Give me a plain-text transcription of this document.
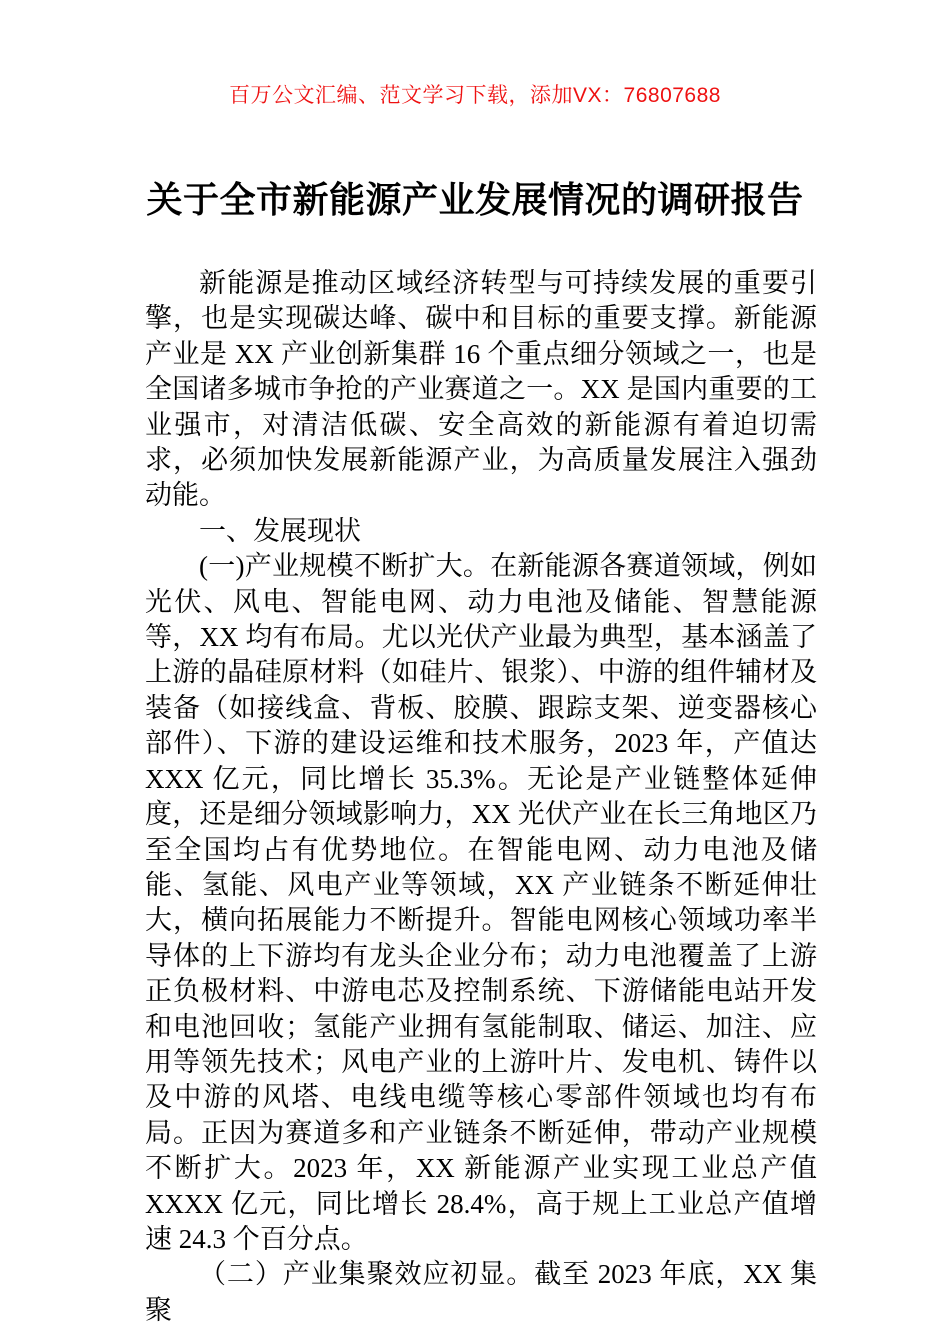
百万公文汇编、范文学习下载，添加VX：76807688
关于全市新能源产业发展情况的调研报告

新能源是推动区域经济转型与可持续发展的重要引擎，也是实现碳达峰、碳中和目标的重要支撑。新能源产业是 XX 产业创新集群 16 个重点细分领域之一，也是全国诸多城市争抢的产业赛道之一。XX 是国内重要的工业强市，对清洁低碳、安全高效的新能源有着迫切需求，必须加快发展新能源产业，为高质量发展注入强劲动能。

一、发展现状

(一)产业规模不断扩大。在新能源各赛道领域，例如光伏、风电、智能电网、动力电池及储能、智慧能源等，XX 均有布局。尤以光伏产业最为典型，基本涵盖了上游的晶硅原材料（如硅片、银浆）、中游的组件辅材及装备（如接线盒、背板、胶膜、跟踪支架、逆变器核心部件）、下游的建设运维和技术服务，2023 年，产值达 XXX 亿元，同比增长 35.3%。无论是产业链整体延伸度，还是细分领域影响力，XX 光伏产业在长三角地区乃至全国均占有优势地位。在智能电网、动力电池及储能、氢能、风电产业等领域，XX 产业链条不断延伸壮大，横向拓展能力不断提升。智能电网核心领域功率半导体的上下游均有龙头企业分布；动力电池覆盖了上游正负极材料、中游电芯及控制系统、下游储能电站开发和电池回收；氢能产业拥有氢能制取、储运、加注、应用等领先技术；风电产业的上游叶片、发电机、铸件以及中游的风塔、电线电缆等核心零部件领域也均有布局。正因为赛道多和产业链条不断延伸，带动产业规模不断扩大。2023 年，XX 新能源产业实现工业总产值 XXXX 亿元，同比增长 28.4%，高于规上工业总产值增速 24.3 个百分点。

（二）产业集聚效应初显。截至 2023 年底，XX 集聚
